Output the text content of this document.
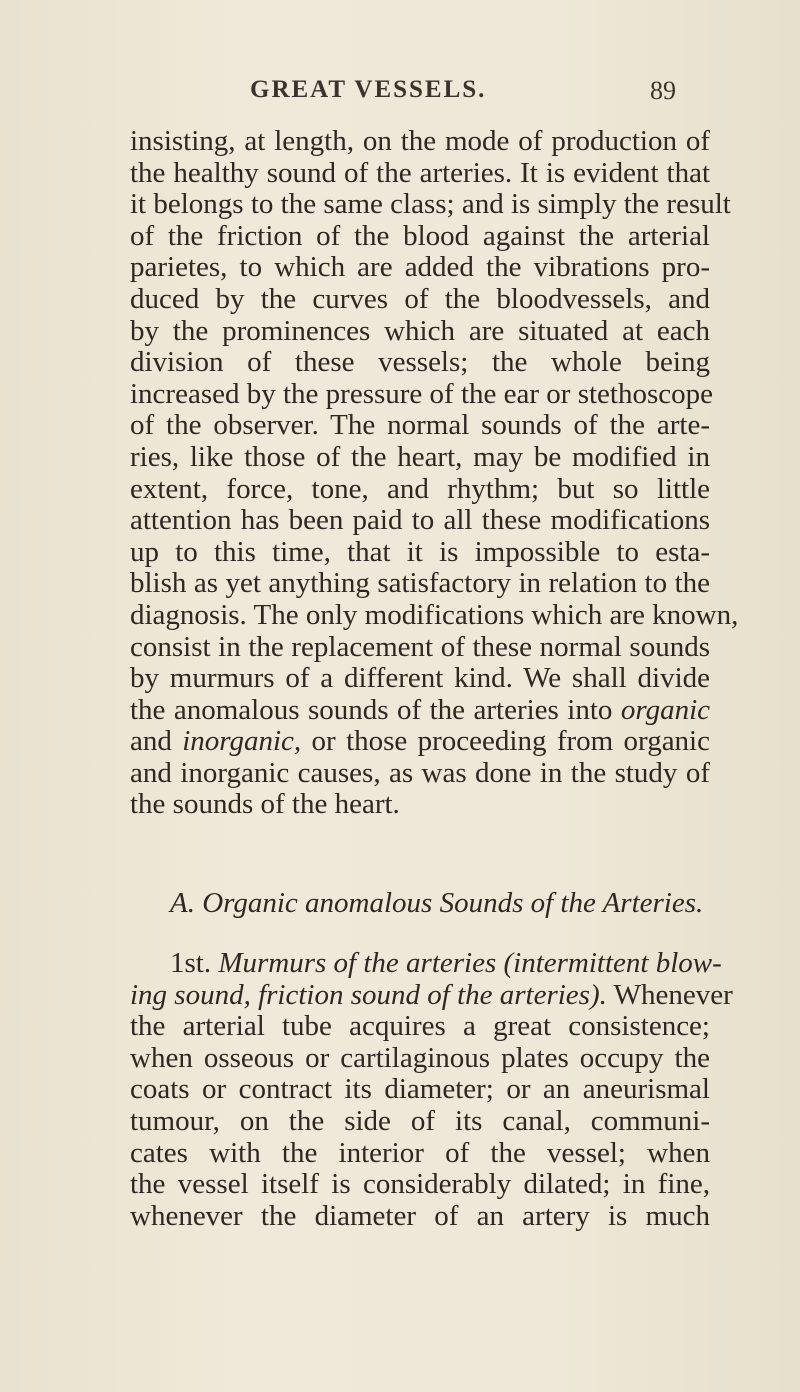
GREAT VESSELS.	89
insisting, at length, on the mode of production of
the healthy sound of the arteries. It is evident that
it belongs to the same class; and is simply the result
of the friction of the blood against the arterial
parietes, to which are added the vibrations pro-
duced by the curves of the bloodvessels, and
by the prominences which are situated at each
division of these vessels; the whole being
increased by the pressure of the ear or stethoscope
of the observer. The normal sounds of the arte-
ries, like those of the heart, may be modified in
extent, force, tone, and rhythm; but so little
attention has been paid to all these modifications
up to this time, that it is impossible to esta-
blish as yet anything satisfactory in relation to the
diagnosis. The only modifications which are known,
consist in the replacement of these normal sounds
by murmurs of a different kind. We shall divide
the anomalous sounds of the arteries into organic
and inorganic, or those proceeding from organic
and inorganic causes, as was done in the study of
the sounds of the heart.
A. Organic anomalous Sounds of the Arteries.
1st. Murmurs of the arteries (intermittent blow-
ing sound, friction sound of the arteries). Whenever
the arterial tube acquires a great consistence;
when osseous or cartilaginous plates occupy the
coats or contract its diameter; or an aneurismal
tumour, on the side of its canal, communi-
cates with the interior of the vessel; when
the vessel itself is considerably dilated; in fine,
whenever the diameter of an artery is much
